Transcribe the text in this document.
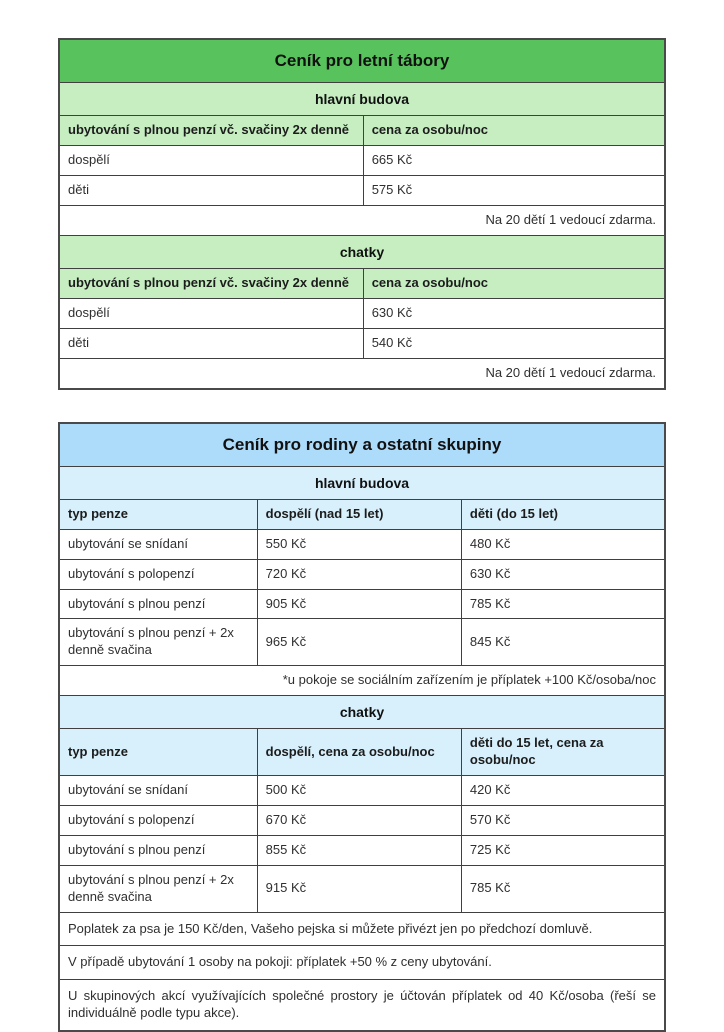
Ceník pro letní tábory	
hlavní budova	
ubytování s plnou penzí vč. svačiny 2x denně	cena za osobu/noc
dospělí	665 Kč
děti	575 Kč
Na 20 dětí 1 vedoucí zdarma.	
chatky	
ubytování s plnou penzí vč. svačiny 2x denně	cena za osobu/noc
dospělí	630 Kč
děti	540 Kč
Na 20 dětí 1 vedoucí zdarma.	
Ceník pro rodiny a ostatní skupiny		
hlavní budova		
typ penze	dospělí (nad 15 let)	děti (do 15 let)
ubytování se snídaní	550 Kč	480 Kč
ubytování s polopenzí	720 Kč	630 Kč
ubytování s plnou penzí	905 Kč	785 Kč
ubytování s plnou penzí + 2x denně svačina	965 Kč	845 Kč
*u pokoje se sociálním zařízením je příplatek +100 Kč/osoba/noc		
chatky		
typ penze	dospělí, cena za osobu/noc	děti do 15 let, cena za osobu/noc
ubytování se snídaní	500 Kč	420 Kč
ubytování s polopenzí	670 Kč	570 Kč
ubytování s plnou penzí	855 Kč	725 Kč
ubytování s plnou penzí + 2x denně svačina	915 Kč	785 Kč
Poplatek za psa je 150 Kč/den, Vašeho pejska si můžete přivézt jen po předchozí domluvě.		
V případě ubytování 1 osoby na pokoji: příplatek +50 % z ceny ubytování.		
U skupinových akcí využívajících společné prostory je účtován příplatek od 40 Kč/osoba (řeší se individuálně podle typu akce).		
